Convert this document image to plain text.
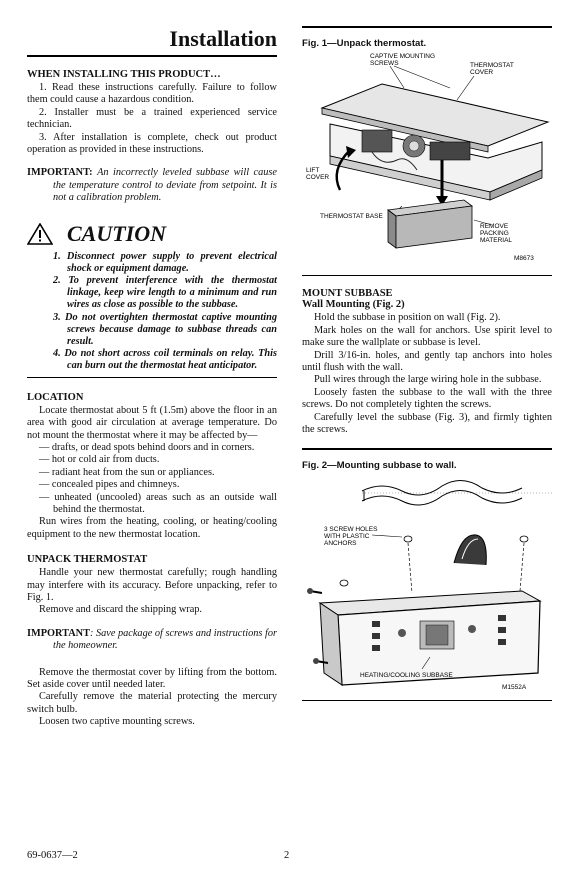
Installation
WHEN INSTALLING THIS PRODUCT…

1. Read these instructions carefully. Failure to follow them could cause a hazardous condition.

2. Installer must be a trained experienced service technician.

3. After installation is complete, check out product operation as provided in these instructions.

IMPORTANT: An incorrectly leveled subbase will cause the temperature control to deviate from setpoint. It is not a calibration problem.
CAUTION
1. Disconnect power supply to prevent electrical shock or equipment damage.
2. To prevent interference with the thermostat linkage, keep wire length to a minimum and run wires as close as possible to the subbase.
3. Do not overtighten thermostat captive mounting screws because damage to subbase threads can result.
4. Do not short across coil terminals on relay. This can burn out the thermostat heat anticipator.
LOCATION

Locate thermostat about 5 ft (1.5m) above the floor in an area with good air circulation at average temperature. Do not mount the thermostat where it may be affected by—

— drafts, or dead spots behind doors and in corners.

— hot or cold air from ducts.

— radiant heat from the sun or appliances.

— concealed pipes and chimneys.

— unheated (uncooled) areas such as an outside wall behind the thermostat.

Run wires from the heating, cooling, or heating/cooling equipment to the new thermostat location.

UNPACK THERMOSTAT

Handle your new thermostat carefully; rough handling may interfere with its accuracy. Before unpacking, refer to Fig. 1.

Remove and discard the shipping wrap.

IMPORTANT: Save package of screws and instructions for the homeowner.

Remove the thermostat cover by lifting from the bottom. Set aside cover until needed later.

Carefully remove the material protecting the mercury switch bulb.

Loosen two captive mounting screws.

Fig. 1—Unpack thermostat.

CAPTIVE MOUNTING
SCREWS	THERMOSTAT
COVER
LIFT
COVER
THERMOSTAT BASE
REMOVE
PACKING
MATERIAL
M8673
MOUNT SUBBASE
Wall Mounting (Fig. 2)

Hold the subbase in position on wall (Fig. 2).

Mark holes on the wall for anchors. Use spirit level to make sure the wallplate or subbase is level.

Drill 3/16-in. holes, and gently tap anchors into holes until flush with the wall.

Pull wires through the large wiring hole in the subbase.

Loosely fasten the subbase to the wall with the three screws. Do not completely tighten the screws.

Carefully level the subbase (Fig. 3), and firmly tighten the screws.

Fig. 2—Mounting subbase to wall.

3 SCREW HOLES
WITH PLASTIC
ANCHORS
HEATING/COOLING SUBBASE
M1552A
69-0637—2	2
